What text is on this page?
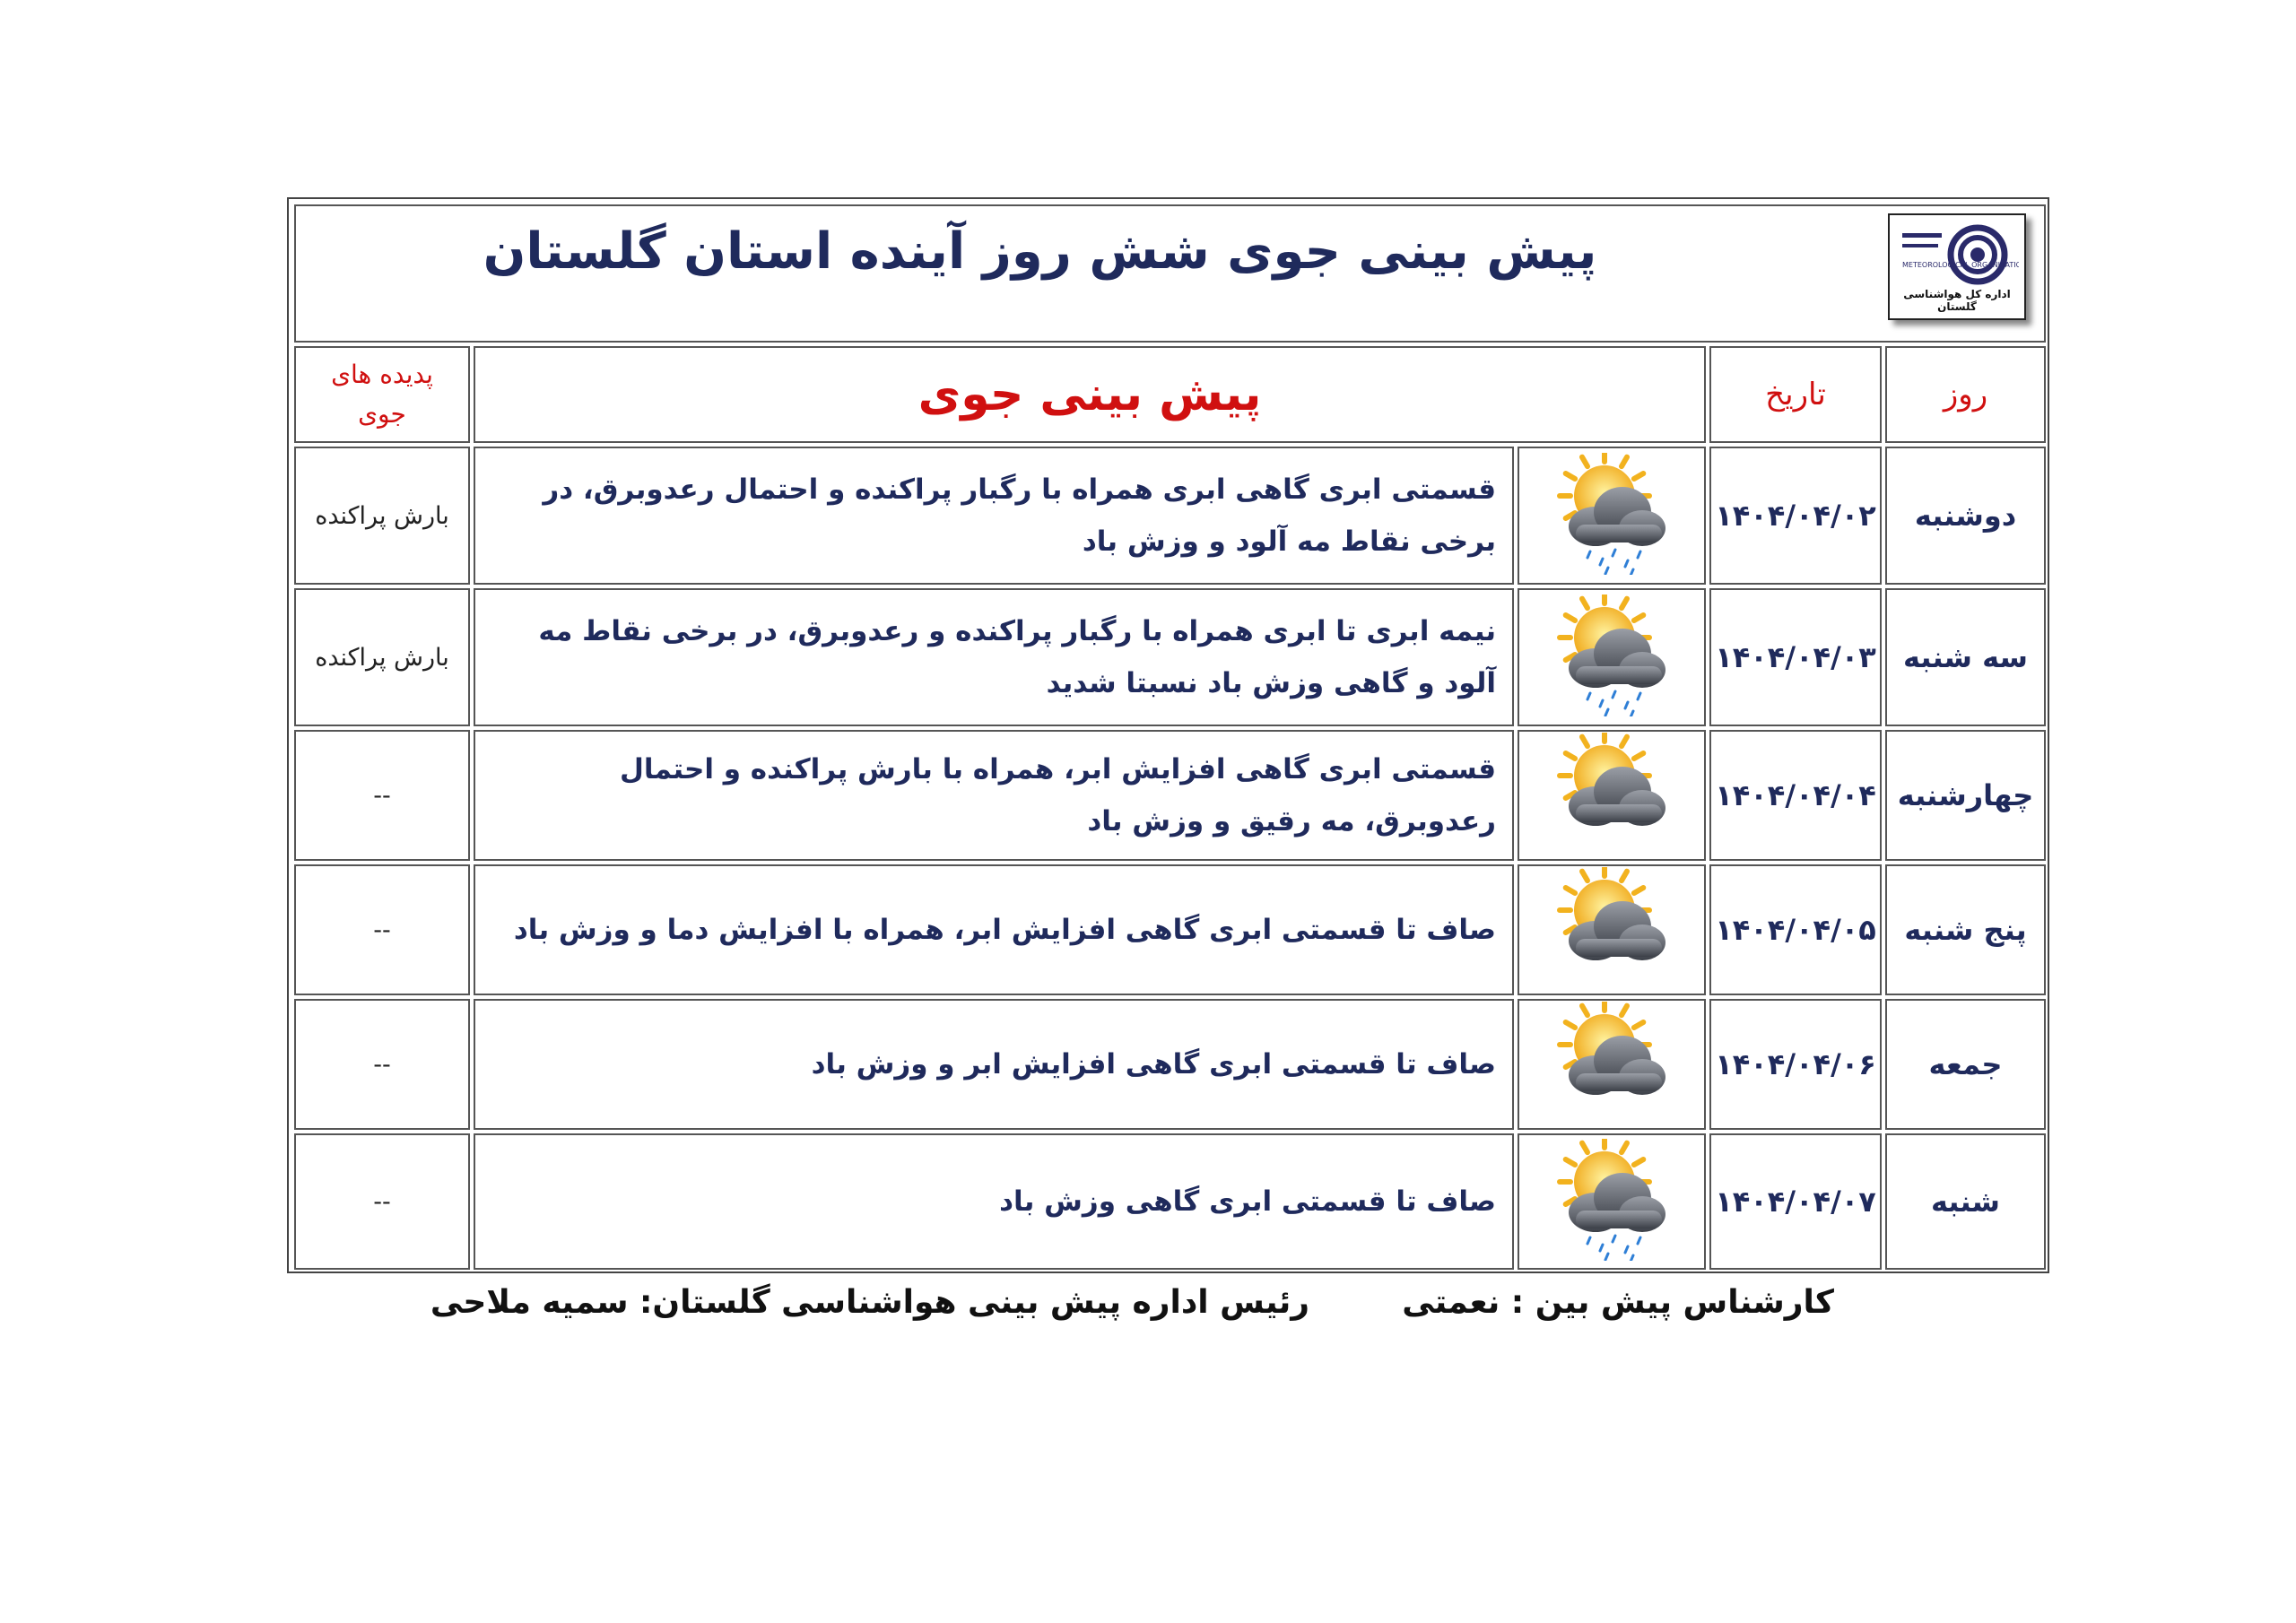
پیش بینی جوی شش روز آینده استان گلستان METEOROLOGICAL ORGANIZATION
اداره کل هواشناسی گلستان				

پدیده های
جوی	پیش بینی جوی		تاریخ	روز
بارش پراکنده	قسمتی ابری گاهی ابری همراه با رگبار پراکنده و احتمال رعدوبرق، در برخی نقاط مه آلود و وزش باد		۱۴۰۴/۰۴/۰۲	دوشنبه
بارش پراکنده	نیمه ابری تا ابری همراه با رگبار پراکنده و رعدوبرق، در برخی نقاط مه آلود و گاهی وزش باد نسبتا شدید		۱۴۰۴/۰۴/۰۳	سه شنبه
--	قسمتی ابری گاهی افزایش ابر، همراه با بارش پراکنده و احتمال رعدوبرق، مه رقیق و وزش باد		۱۴۰۴/۰۴/۰۴	چهارشنبه
--	صاف تا قسمتی ابری گاهی افزایش ابر، همراه با افزایش دما و وزش باد		۱۴۰۴/۰۴/۰۵	پنج شنبه
--	صاف تا قسمتی ابری گاهی افزایش ابر و وزش باد		۱۴۰۴/۰۴/۰۶	جمعه
--	صاف تا قسمتی ابری گاهی وزش باد		۱۴۰۴/۰۴/۰۷	شنبه
رئیس اداره پیش بینی هواشناسی گلستان: سمیه ملاحی	کارشناس پیش بین : نعمتی
